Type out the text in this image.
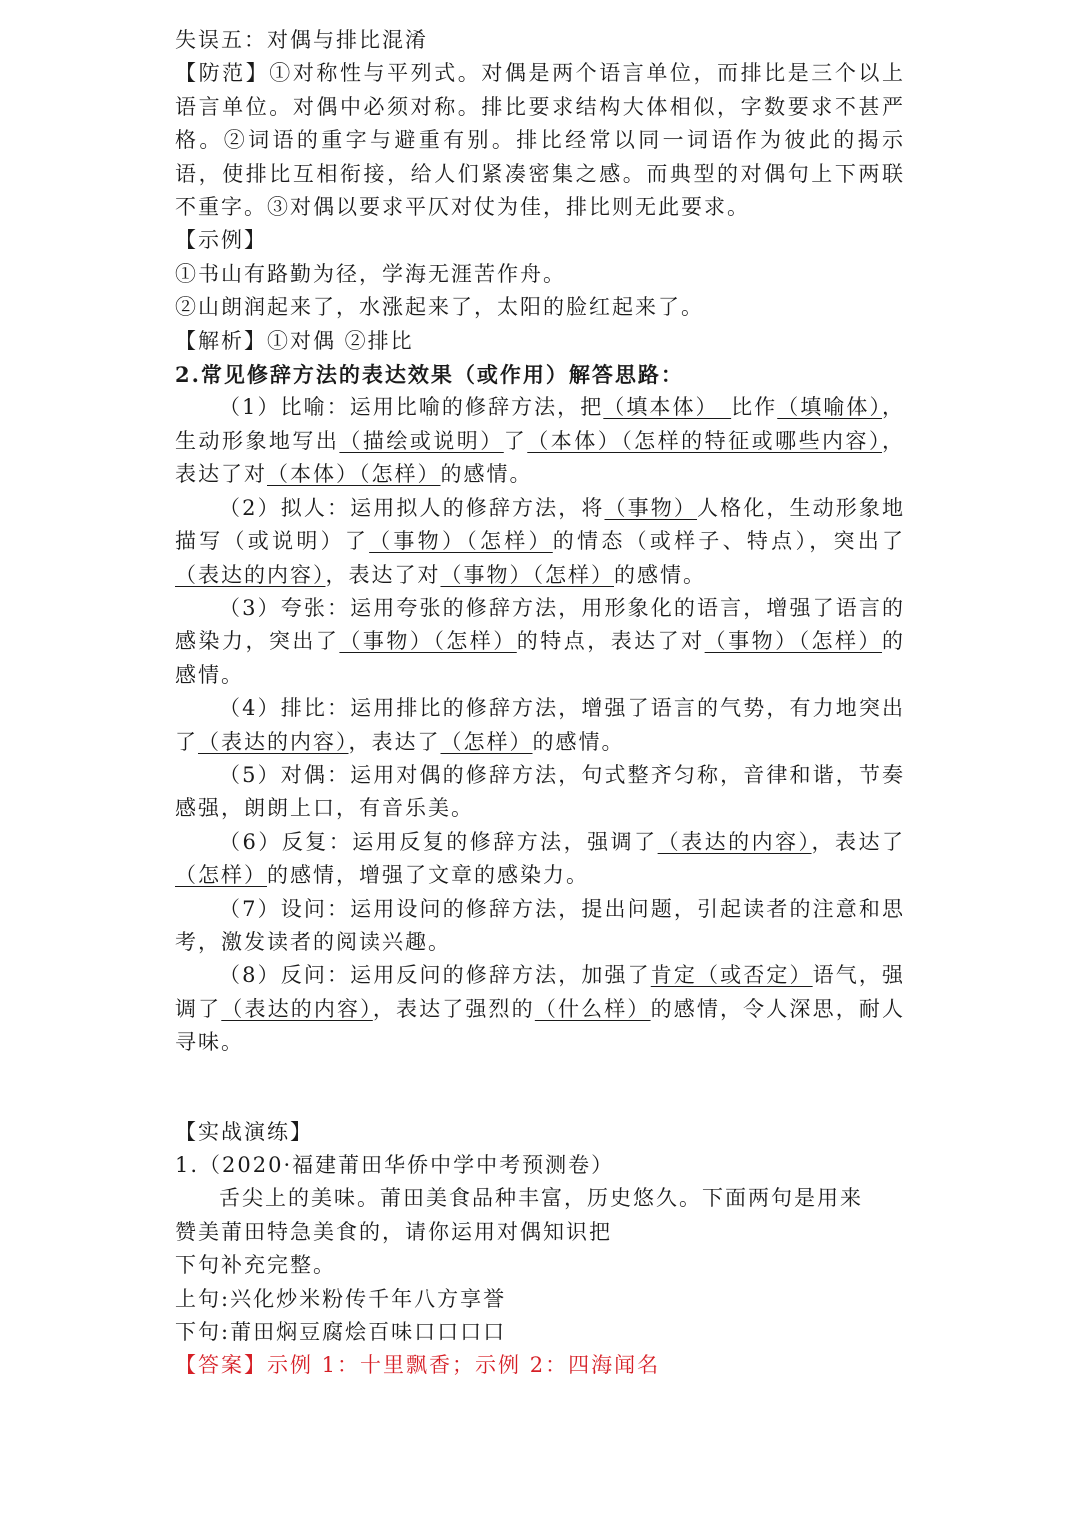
失误五：对偶与排比混淆

【防范】①对称性与平列式。对偶是两个语言单位，而排比是三个以上语言单位。对偶中必须对称。排比要求结构大体相似，字数要求不甚严格。②词语的重字与避重有别。排比经常以同一词语作为彼此的揭示语，使排比互相衔接，给人们紧凑密集之感。而典型的对偶句上下两联不重字。③对偶以要求平仄对仗为佳，排比则无此要求。

【示例】

①书山有路勤为径，学海无涯苦作舟。

②山朗润起来了，水涨起来了，太阳的脸红起来了。

【解析】①对偶 ②排比

2.常见修辞方法的表达效果（或作用）解答思路：

（1）比喻：运用比喻的修辞方法，把（填本体）　比作（填喻体），生动形象地写出（描绘或说明）了（本体）（怎样的特征或哪些内容），表达了对（本体）（怎样）的感情。

（2）拟人：运用拟人的修辞方法，将（事物）人格化，生动形象地描写（或说明）了（事物）（怎样）的情态（或样子、特点），突出了（表达的内容），表达了对（事物）（怎样）的感情。

（3）夸张：运用夸张的修辞方法，用形象化的语言，增强了语言的感染力，突出了（事物）（怎样）的特点，表达了对（事物）（怎样）的感情。

（4）排比：运用排比的修辞方法，增强了语言的气势，有力地突出了（表达的内容），表达了（怎样）的感情。

（5）对偶：运用对偶的修辞方法，句式整齐匀称，音律和谐，节奏感强，朗朗上口，有音乐美。

（6）反复：运用反复的修辞方法，强调了（表达的内容），表达了（怎样）的感情，增强了文章的感染力。

（7）设问：运用设问的修辞方法，提出问题，引起读者的注意和思考，激发读者的阅读兴趣。

（8）反问：运用反问的修辞方法，加强了肯定（或否定）语气，强调了（表达的内容），表达了强烈的（什么样）的感情，令人深思，耐人寻味。

【实战演练】

1.（2020·福建莆田华侨中学中考预测卷）

舌尖上的美味。莆田美食品种丰富，历史悠久。下面两句是用来

赞美莆田特急美食的，请你运用对偶知识把

下句补充完整。

上句:兴化炒米粉传千年八方享誉

下句:莆田焖豆腐烩百味口口口口

【答案】示例 1：十里飘香；示例 2：四海闻名
